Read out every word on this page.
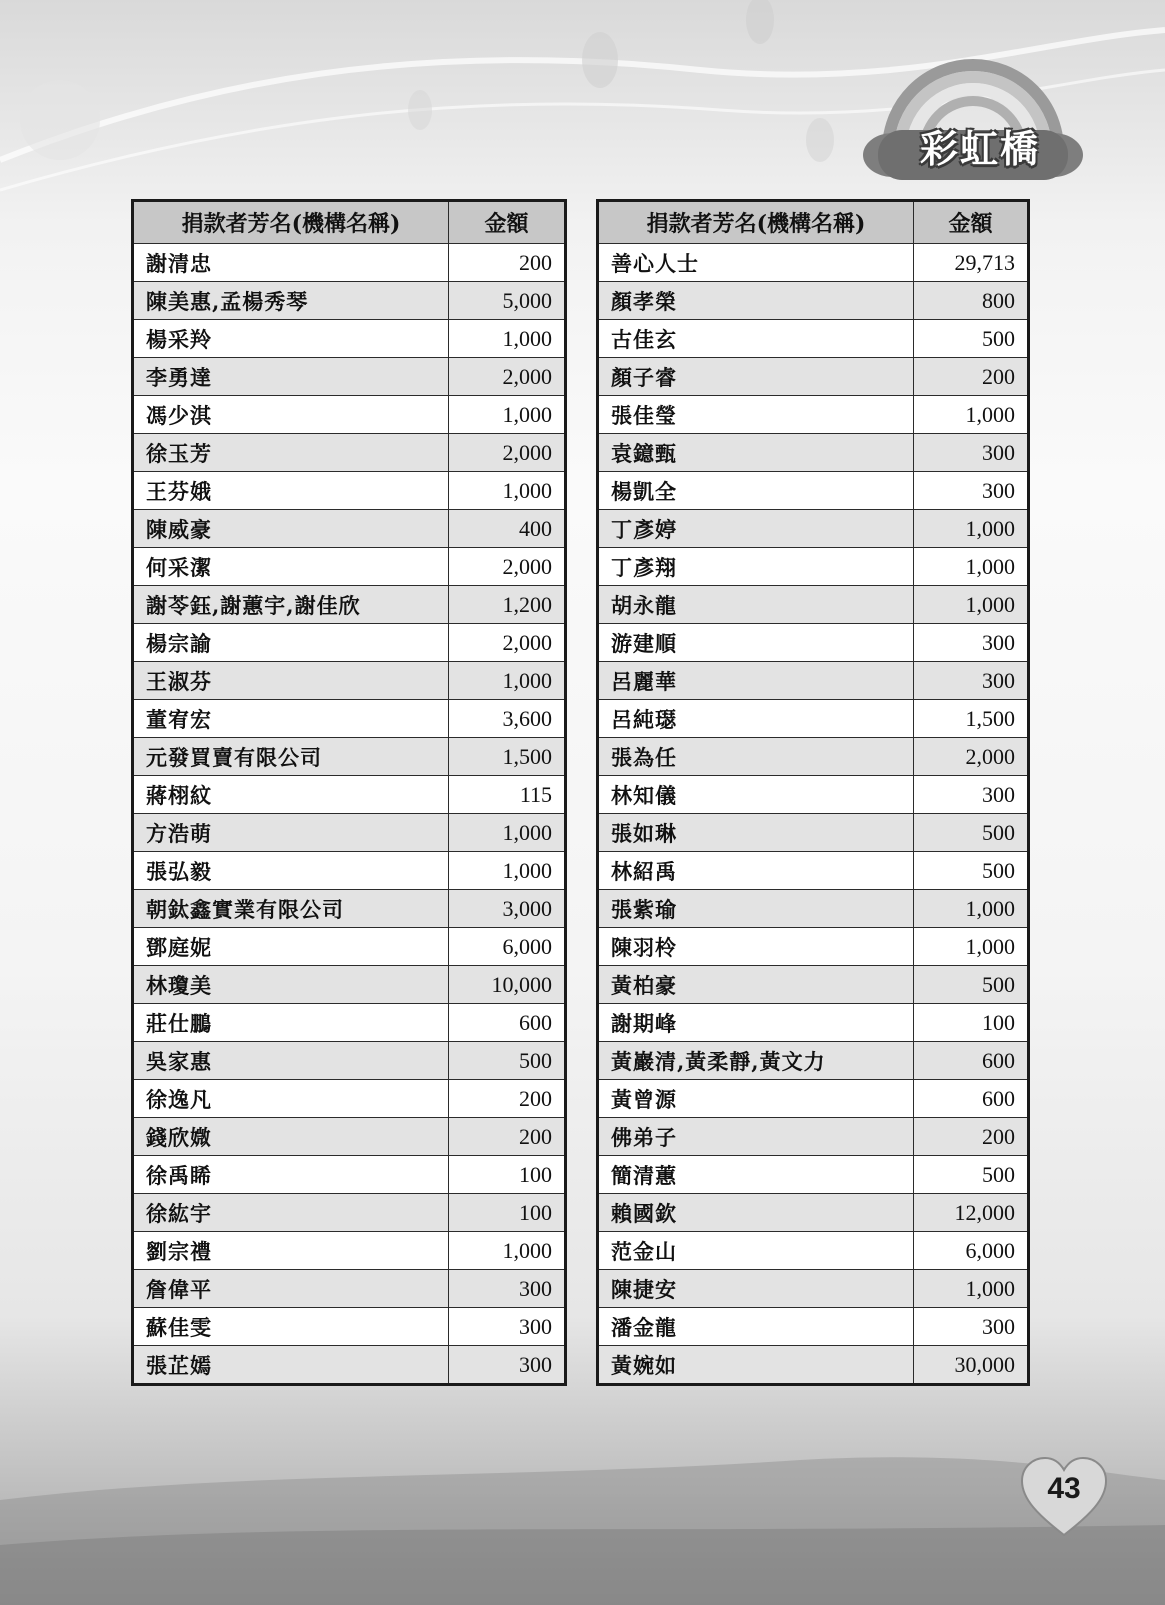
彩虹橋
捐款者芳名(機構名稱)	金額
謝清忠	200
陳美惠,孟楊秀琴	5,000
楊采羚	1,000
李勇達	2,000
馮少淇	1,000
徐玉芳	2,000
王芬娥	1,000
陳威豪	400
何采潔	2,000
謝苓鈺,謝蕙宇,謝佳欣	1,200
楊宗諭	2,000
王淑芬	1,000
董宥宏	3,600
元發買賣有限公司	1,500
蔣栩紋	115
方浩萌	1,000
張弘毅	1,000
朝鈦鑫實業有限公司	3,000
鄧庭妮	6,000
林瓊美	10,000
莊仕鵬	600
吳家惠	500
徐逸凡	200
錢欣媺	200
徐禹睎	100
徐紘宇	100
劉宗禮	1,000
詹偉平	300
蘇佳雯	300
張芷嫣	300
捐款者芳名(機構名稱)	金額
善心人士	29,713
顏孝榮	800
古佳玄	500
顏子睿	200
張佳瑩	1,000
袁鐿甄	300
楊凱全	300
丁彥婷	1,000
丁彥翔	1,000
胡永龍	1,000
游建順	300
呂麗華	300
呂純璱	1,500
張為任	2,000
林知儀	300
張如琳	500
林紹禹	500
張紫瑜	1,000
陳羽柃	1,000
黃柏豪	500
謝期峰	100
黃巖清,黃柔靜,黃文力	600
黃曾源	600
佛弟子	200
簡清蕙	500
賴國欽	12,000
范金山	6,000
陳捷安	1,000
潘金龍	300
黃婉如	30,000
43
